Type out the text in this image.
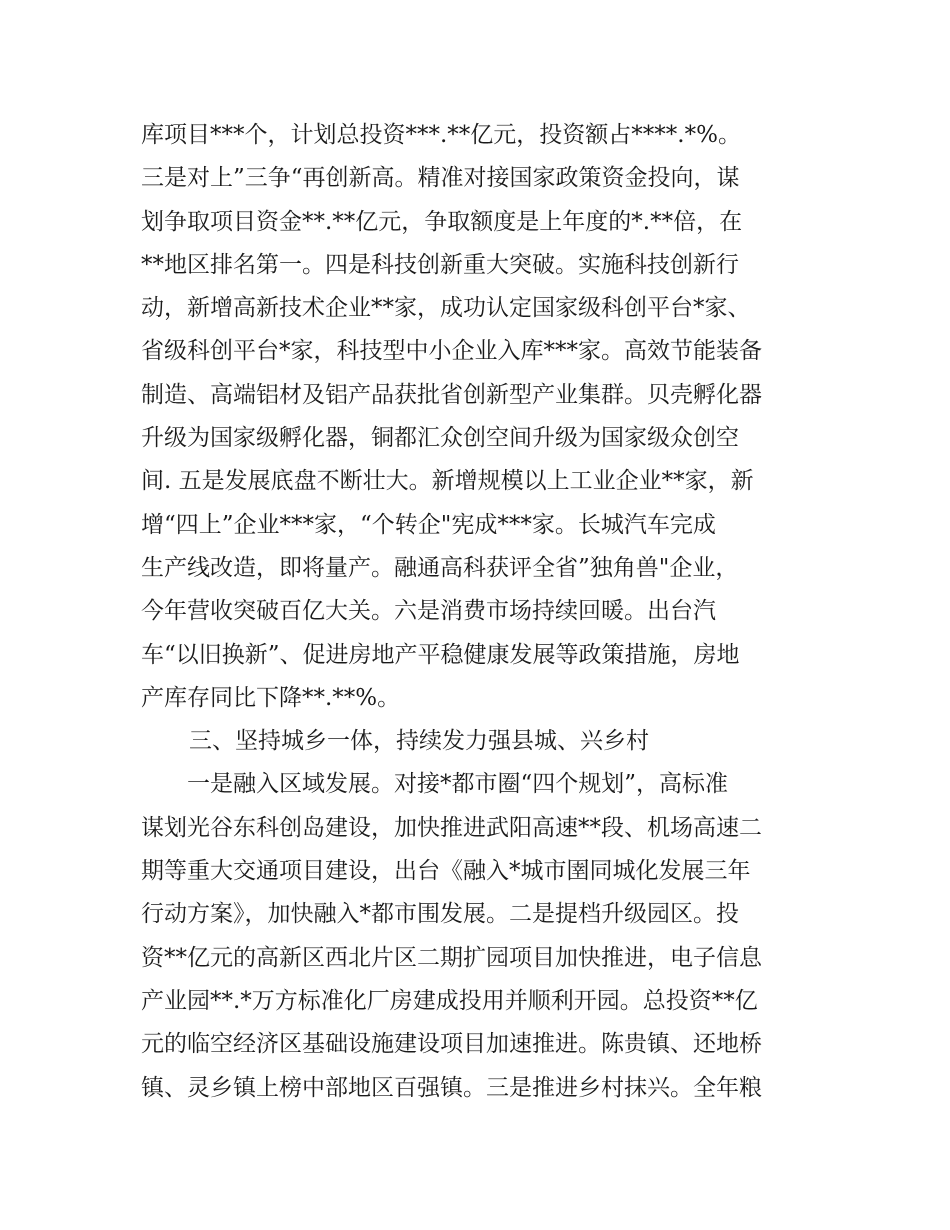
库项目***个，计划总投资***.**亿元，投资额占****.*%。
三是对上”三争“再创新高。精准对接国家政策资金投向，谋
划争取项目资金**.**亿元，争取额度是上年度的*.**倍，在
**地区排名第一。四是科技创新重大突破。实施科技创新行
动，新增高新技术企业**家，成功认定国家级科创平台*家、
省级科创平台*家，科技型中小企业入库***家。高效节能装备
制造、高端铝材及铝产品获批省创新型产业集群。贝壳孵化器
升级为国家级孵化器，铜都汇众创空间升级为国家级众创空
间. 五是发展底盘不断壮大。新增规模以上工业企业**家，新
增“四上”企业***家，“个转企"宪成***家。长城汽车完成
生产线改造，即将量产。融通高科获评全省”独角兽"企业，
今年营收突破百亿大关。六是消费市场持续回暖。出台汽
车“以旧换新”、促进房地产平稳健康发展等政策措施，房地
产库存同比下降**.**%。
三、坚持城乡一体，持续发力强县城、兴乡村
一是融入区域发展。对接*都市圈“四个规划”，高标准
谋划光谷东科创岛建设，加快推进武阳高速**段、机场高速二
期等重大交通项目建设，出台《融入*城市圉同城化发展三年
行动方案》，加快融入*都市围发展。二是提档升级园区。投
资**亿元的高新区西北片区二期扩园项目加快推进，电子信息
产业园**.*万方标准化厂房建成投用并顺利开园。总投资**亿
元的临空经济区基础设施建设项目加速推进。陈贵镇、还地桥
镇、灵乡镇上榜中部地区百强镇。三是推进乡村抹兴。全年粮
